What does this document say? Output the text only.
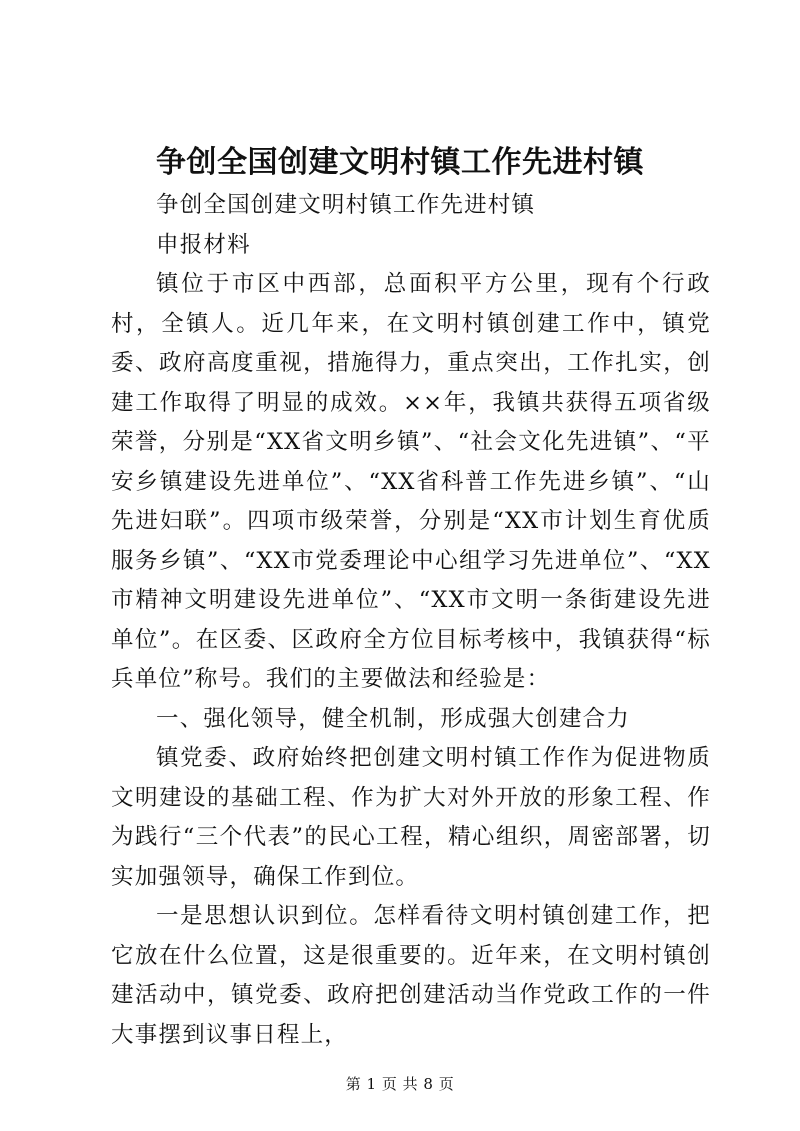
争创全国创建文明村镇工作先进村镇

争创全国创建文明村镇工作先进村镇

申报材料

镇位于市区中西部，总面积平方公里，现有个行政村，全镇人。近几年来，在文明村镇创建工作中，镇党委、政府高度重视，措施得力，重点突出，工作扎实，创建工作取得了明显的成效。××年，我镇共获得五项省级荣誉，分别是“XX省文明乡镇”、“社会文化先进镇”、“平安乡镇建设先进单位”、“XX省科普工作先进乡镇”、“山先进妇联”。四项市级荣誉，分别是“XX市计划生育优质服务乡镇”、“XX市党委理论中心组学习先进单位”、“XX市精神文明建设先进单位”、“XX市文明一条街建设先进单位”。在区委、区政府全方位目标考核中，我镇获得“标兵单位”称号。我们的主要做法和经验是：

一、强化领导，健全机制，形成强大创建合力

镇党委、政府始终把创建文明村镇工作作为促进物质文明建设的基础工程、作为扩大对外开放的形象工程、作为践行“三个代表”的民心工程，精心组织，周密部署，切实加强领导，确保工作到位。

一是思想认识到位。怎样看待文明村镇创建工作，把它放在什么位置，这是很重要的。近年来，在文明村镇创建活动中，镇党委、政府把创建活动当作党政工作的一件大事摆到议事日程上，

第 1 页 共 8 页
